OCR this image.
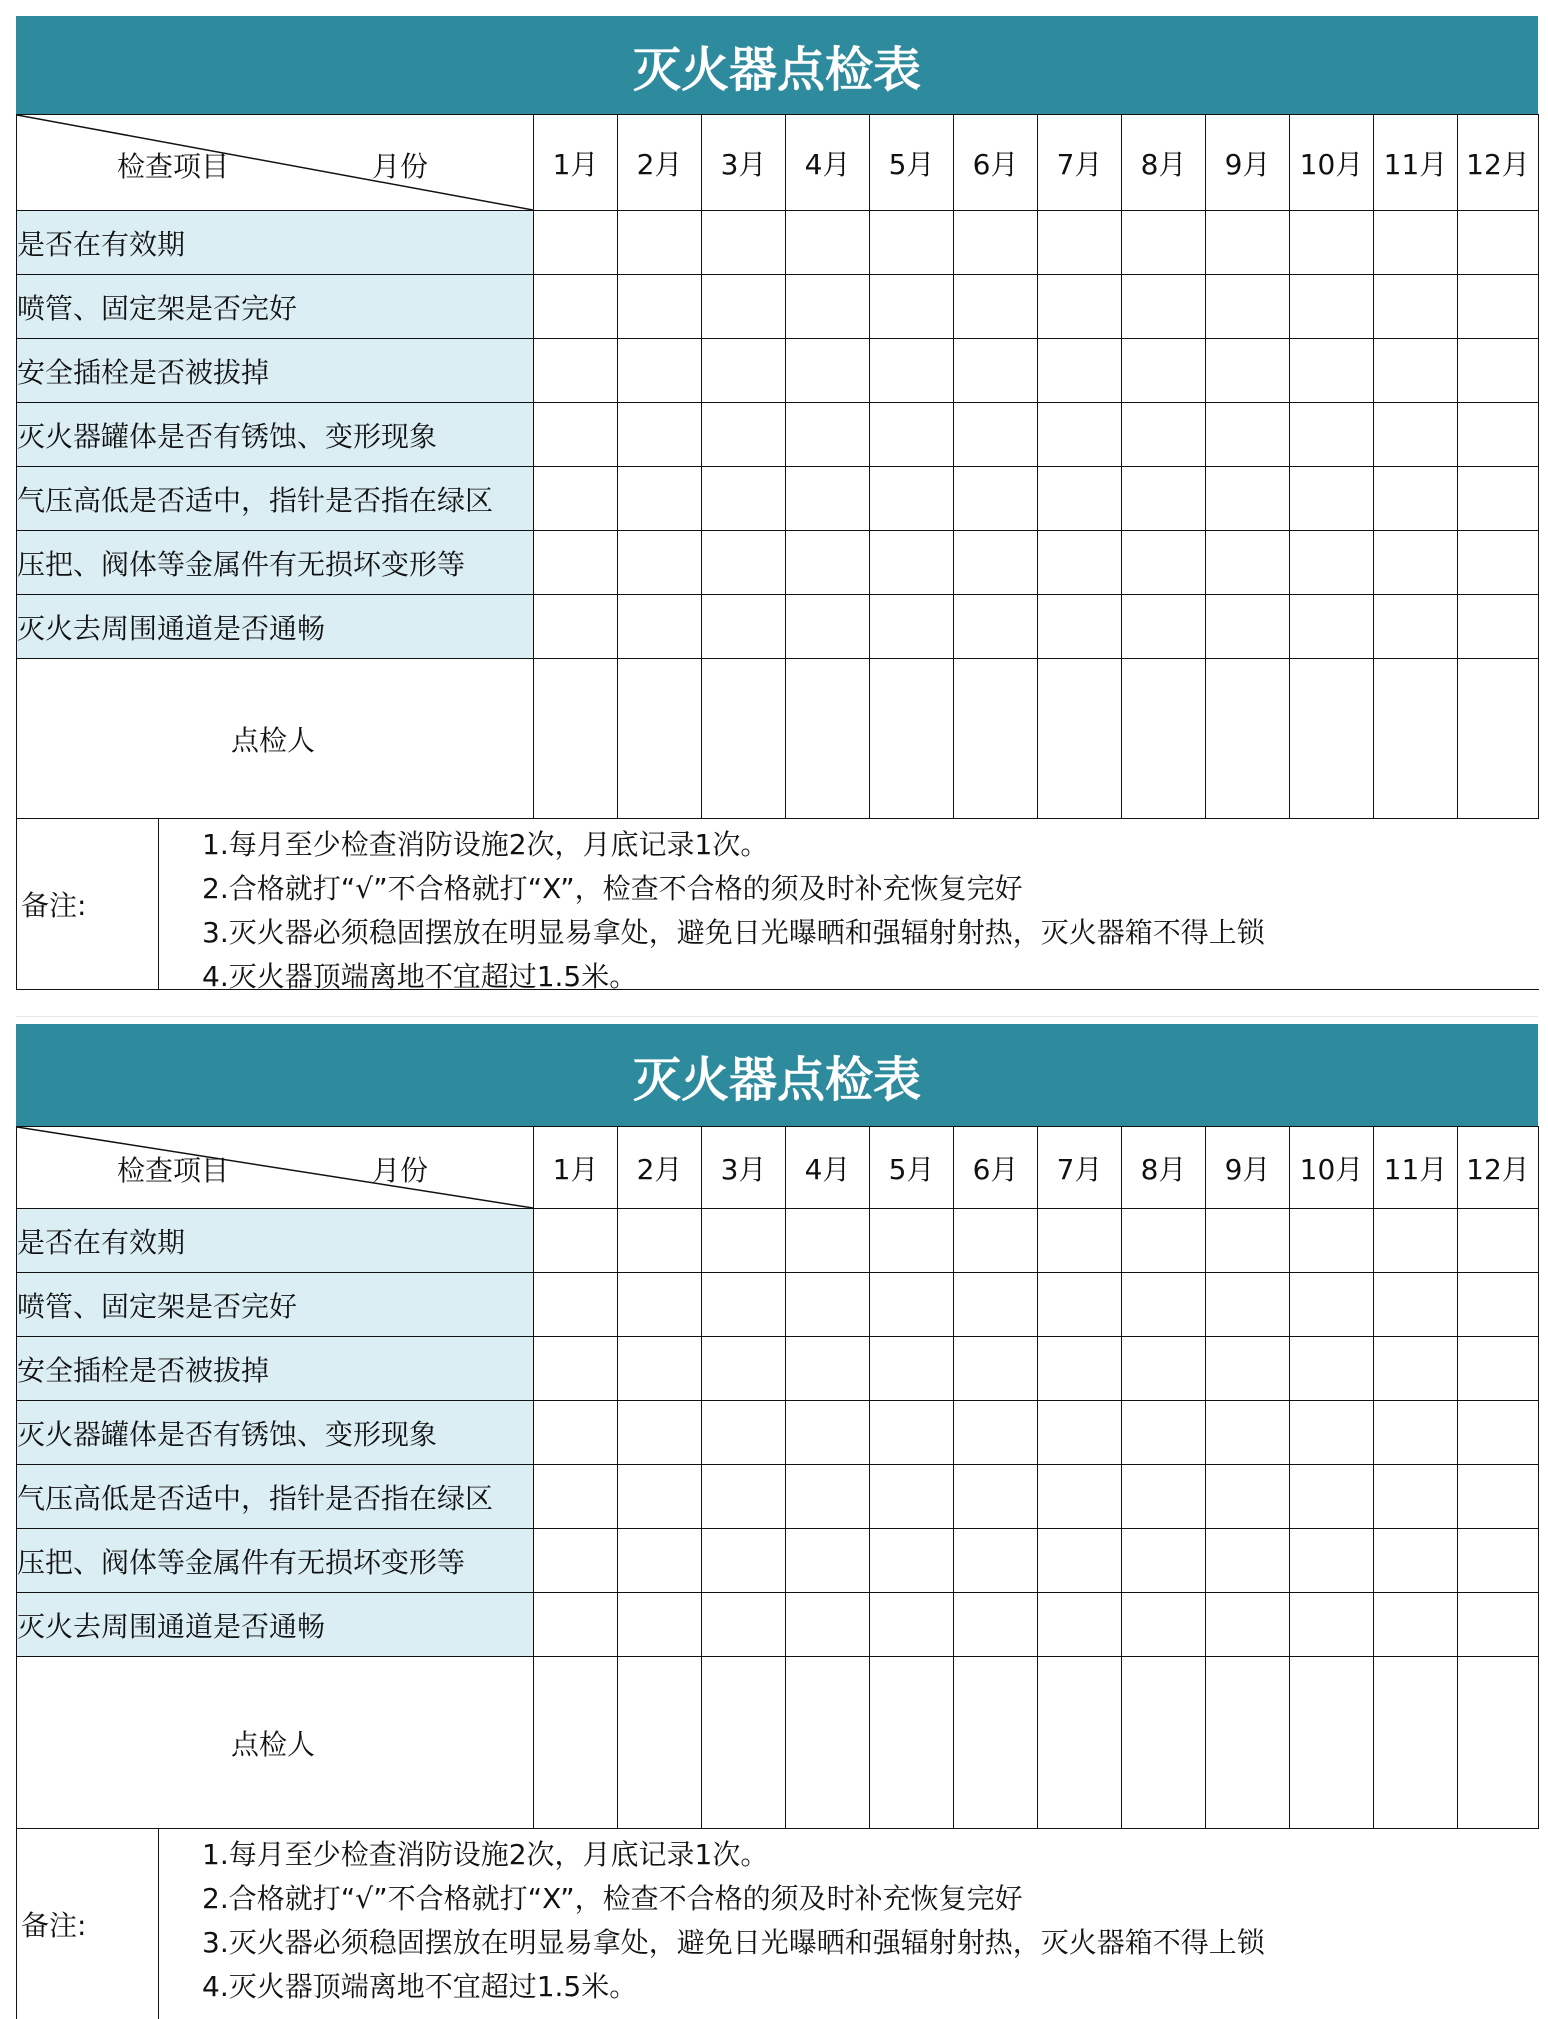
灭火器点检表
检查项目 月份	1月	2月	3月	4月	5月	6月	7月	8月	9月	10月	11月	12月
是否在有效期												
喷管、固定架是否完好												
安全插栓是否被拔掉												
灭火器罐体是否有锈蚀、变形现象												
气压高低是否适中，指针是否指在绿区												
压把、阀体等金属件有无损坏变形等												
灭火去周围通道是否通畅												
点检人												
备注:
1.每月至少检查消防设施2次，月底记录1次。
2.合格就打“√”不合格就打“X”，检查不合格的须及时补充恢复完好
3.灭火器必须稳固摆放在明显易拿处，避免日光曝晒和强辐射射热，灭火器箱不得上锁
4.灭火器顶端离地不宜超过1.5米。
灭火器点检表
检查项目 月份	1月	2月	3月	4月	5月	6月	7月	8月	9月	10月	11月	12月
是否在有效期												
喷管、固定架是否完好												
安全插栓是否被拔掉												
灭火器罐体是否有锈蚀、变形现象												
气压高低是否适中，指针是否指在绿区												
压把、阀体等金属件有无损坏变形等												
灭火去周围通道是否通畅												
点检人												
备注:
1.每月至少检查消防设施2次，月底记录1次。
2.合格就打“√”不合格就打“X”，检查不合格的须及时补充恢复完好
3.灭火器必须稳固摆放在明显易拿处，避免日光曝晒和强辐射射热，灭火器箱不得上锁
4.灭火器顶端离地不宜超过1.5米。
